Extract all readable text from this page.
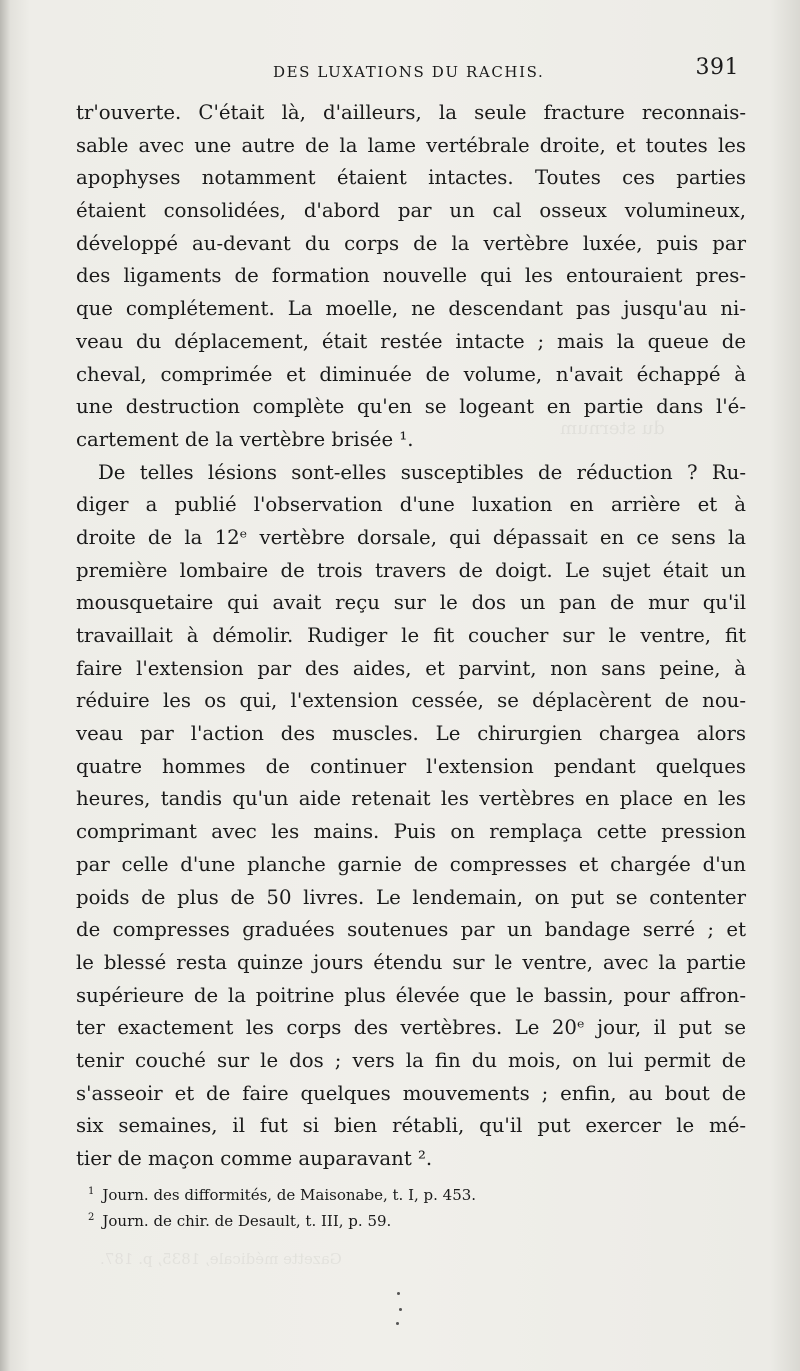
du sternum
Gazette médicale, 1835, p. 187.
DES LUXATIONS DU RACHIS.	391
tr'ouverte. C'était là, d'ailleurs, la seule fracture reconnais-
sable avec une autre de la lame vertébrale droite, et toutes les
apophyses notamment étaient intactes. Toutes ces parties
étaient consolidées, d'abord par un cal osseux volumineux,
développé au-devant du corps de la vertèbre luxée, puis par
des ligaments de formation nouvelle qui les entouraient pres-
que complétement. La moelle, ne descendant pas jusqu'au ni-
veau du déplacement, était restée intacte ; mais la queue de
cheval, comprimée et diminuée de volume, n'avait échappé à
une destruction complète qu'en se logeant en partie dans l'é-
cartement de la vertèbre brisée ¹.
De telles lésions sont-elles susceptibles de réduction ? Ru-
diger a publié l'observation d'une luxation en arrière et à
droite de la 12ᵉ vertèbre dorsale, qui dépassait en ce sens la
première lombaire de trois travers de doigt. Le sujet était un
mousquetaire qui avait reçu sur le dos un pan de mur qu'il
travaillait à démolir. Rudiger le fit coucher sur le ventre, fit
faire l'extension par des aides, et parvint, non sans peine, à
réduire les os qui, l'extension cessée, se déplacèrent de nou-
veau par l'action des muscles. Le chirurgien chargea alors
quatre hommes de continuer l'extension pendant quelques
heures, tandis qu'un aide retenait les vertèbres en place en les
comprimant avec les mains. Puis on remplaça cette pression
par celle d'une planche garnie de compresses et chargée d'un
poids de plus de 50 livres. Le lendemain, on put se contenter
de compresses graduées soutenues par un bandage serré ; et
le blessé resta quinze jours étendu sur le ventre, avec la partie
supérieure de la poitrine plus élevée que le bassin, pour affron-
ter exactement les corps des vertèbres. Le 20ᵉ jour, il put se
tenir couché sur le dos ; vers la fin du mois, on lui permit de
s'asseoir et de faire quelques mouvements ; enfin, au bout de
six semaines, il fut si bien rétabli, qu'il put exercer le mé-
tier de maçon comme auparavant ².
$^1$ Journ. des difformités, de Maisonabe, t. I, p. 453.
$^2$ Journ. de chir. de Desault, t. III, p. 59.
